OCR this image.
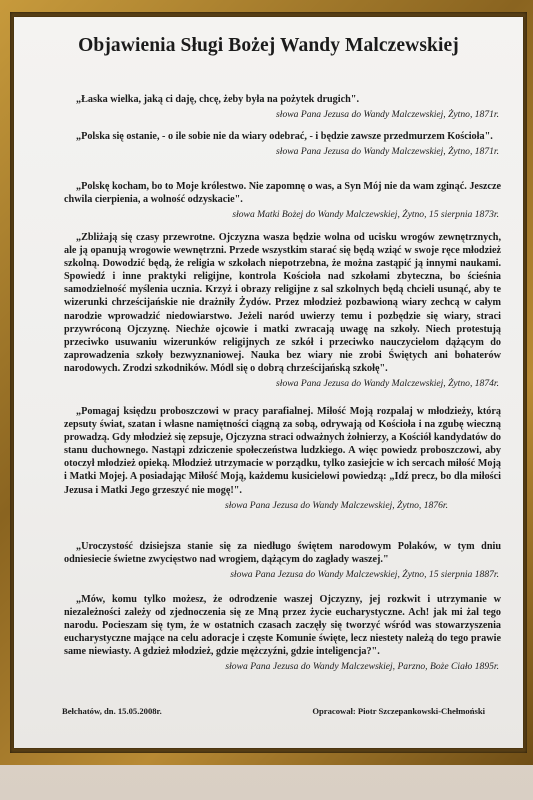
Objawienia Sługi Bożej Wandy Malczewskiej
„Łaska wielka, jaką ci daję, chcę, żeby była na pożytek drugich".
słowa Pana Jezusa do Wandy Malczewskiej, Żytno, 1871r.
„Polska się ostanie, - o ile sobie nie da wiary odebrać, - i będzie zawsze przedmurzem Kościoła".
słowa Pana Jezusa do Wandy Malczewskiej, Żytno, 1871r.
„Polskę kocham, bo to Moje królestwo. Nie zapomnę o was, a Syn Mój nie da wam zginąć. Jeszcze chwila cierpienia, a wolność odzyskacie".
słowa Matki Bożej do Wandy Malczewskiej, Żytno, 15 sierpnia 1873r.
„Zbliżają się czasy przewrotne. Ojczyzna wasza będzie wolna od ucisku wrogów zewnętrznych, ale ją opanują wrogowie wewnętrzni. Przede wszystkim starać się będą wziąć w swoje ręce młodzież szkolną. Dowodzić będą, że religia w szkołach niepotrzebna, że można zastąpić ją innymi naukami. Spowiedź i inne praktyki religijne, kontrola Kościoła nad szkołami zbyteczna, bo ścieśnia samodzielność myślenia ucznia. Krzyż i obrazy religijne z sal szkolnych będą chcieli usunąć, aby te wizerunki chrześcijańskie nie drażniły Żydów. Przez młodzież pozbawioną wiary zechcą w całym narodzie wprowadzić niedowiarstwo. Jeżeli naród uwierzy temu i pozbędzie się wiary, straci przywróconą Ojczyznę. Niechże ojcowie i matki zwracają uwagę na szkoły. Niech protestują przeciwko usuwaniu wizerunków religijnych ze szkół i przeciwko nauczycielom dążącym do zaprowadzenia szkoły bezwyznaniowej. Nauka bez wiary nie zrobi Świętych ani bohaterów narodowych. Zrodzi szkodników. Módl się o dobrą chrześcijańską szkołę".
słowa Pana Jezusa do Wandy Malczewskiej, Żytno, 1874r.
„Pomagaj księdzu proboszczowi w pracy parafialnej. Miłość Moją rozpalaj w młodzieży, którą zepsuty świat, szatan i własne namiętności ciągną za sobą, odrywają od Kościoła i na zgubę wieczną prowadzą. Gdy młodzież się zepsuje, Ojczyzna straci odważnych żołnierzy, a Kościół kandydatów do stanu duchownego. Nastąpi zdziczenie społeczeństwa ludzkiego. A więc powiedz proboszczowi, aby otoczył młodzież opieką. Młodzież utrzymacie w porządku, tylko zasiejcie w ich sercach miłość Moją i Matki Mojej. A posiadając Miłość Moją, każdemu kusicielowi powiedzą: „Idź precz, bo dla miłości Jezusa i Matki Jego grzeszyć nie mogę!".
słowa Pana Jezusa do Wandy Malczewskiej, Żytno, 1876r.
„Uroczystość dzisiejsza stanie się za niedługo świętem narodowym Polaków, w tym dniu odniesiecie świetne zwycięstwo nad wrogiem, dążącym do zagłady waszej."
słowa Pana Jezusa do Wandy Malczewskiej, Żytno, 15 sierpnia 1887r.
„Mów, komu tylko możesz, że odrodzenie waszej Ojczyzny, jej rozkwit i utrzymanie w niezależności zależy od zjednoczenia się ze Mną przez życie eucharystyczne. Ach! jak mi żal tego narodu. Pocieszam się tym, że w ostatnich czasach zaczęły się tworzyć wśród was stowarzyszenia eucharystyczne mające na celu adoracje i częste Komunie święte, lecz niestety należą do tego prawie same niewiasty. A gdzież młodzież, gdzie mężczyźni, gdzie inteligencja?".
słowa Pana Jezusa do Wandy Malczewskiej, Parzno, Boże Ciało 1895r.
Bełchatów, dn. 15.05.2008r.	Opracował: Piotr Szczepankowski-Chełmoński
